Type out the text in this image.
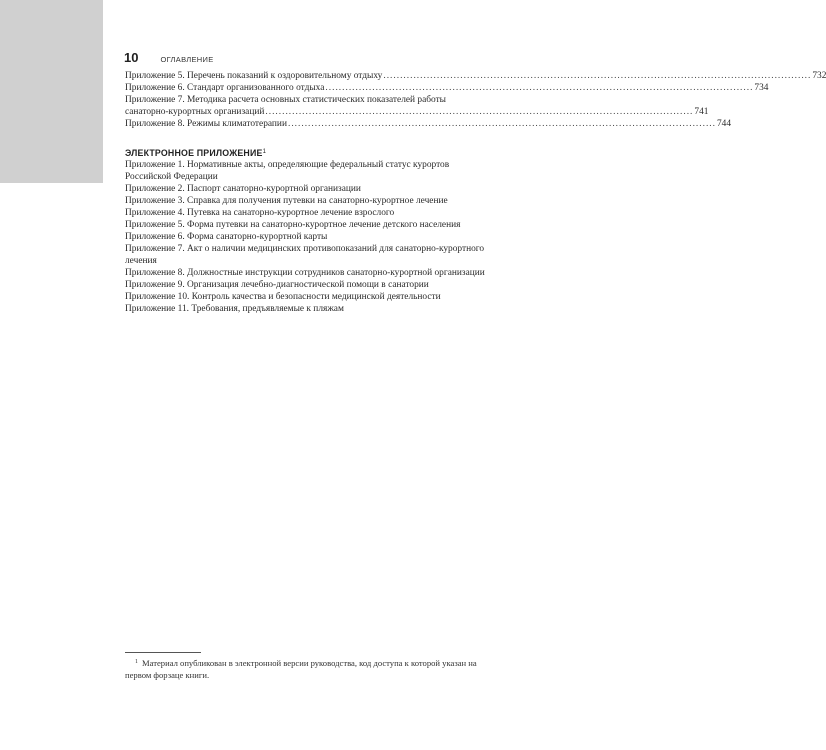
10	ОГЛАВЛЕНИЕ
Приложение 5. Перечень показаний к оздоровительному отдыху ................................................................................................................................ 732
Приложение 6. Стандарт организованного отдыха ................................................................................................................................ 734
Приложение 7. Методика расчета основных статистических показателей работы
санаторно-курортных организаций ................................................................................................................................ 741
Приложение 8. Режимы климатотерапии ................................................................................................................................ 744
ЭЛЕКТРОННОЕ ПРИЛОЖЕНИЕ$^1$
Приложение 1. Нормативные акты, определяющие федеральный статус курортов
Российской Федерации
Приложение 2. Паспорт санаторно-курортной организации
Приложение 3. Справка для получения путевки на санаторно-курортное лечение
Приложение 4. Путевка на санаторно-курортное лечение взрослого
Приложение 5. Форма путевки на санаторно-курортное лечение детского населения
Приложение 6. Форма санаторно-курортной карты
Приложение 7. Акт о наличии медицинских противопоказаний для санаторно-курортного
лечения
Приложение 8. Должностные инструкции сотрудников санаторно-курортной организации
Приложение 9. Организация лечебно-диагностической помощи в санатории
Приложение 10. Контроль качества и безопасности медицинской деятельности
Приложение 11. Требования, предъявляемые к пляжам
$^1$ Материал опубликован в электронной версии руководства, код доступа к которой указан на
первом форзаце книги.
